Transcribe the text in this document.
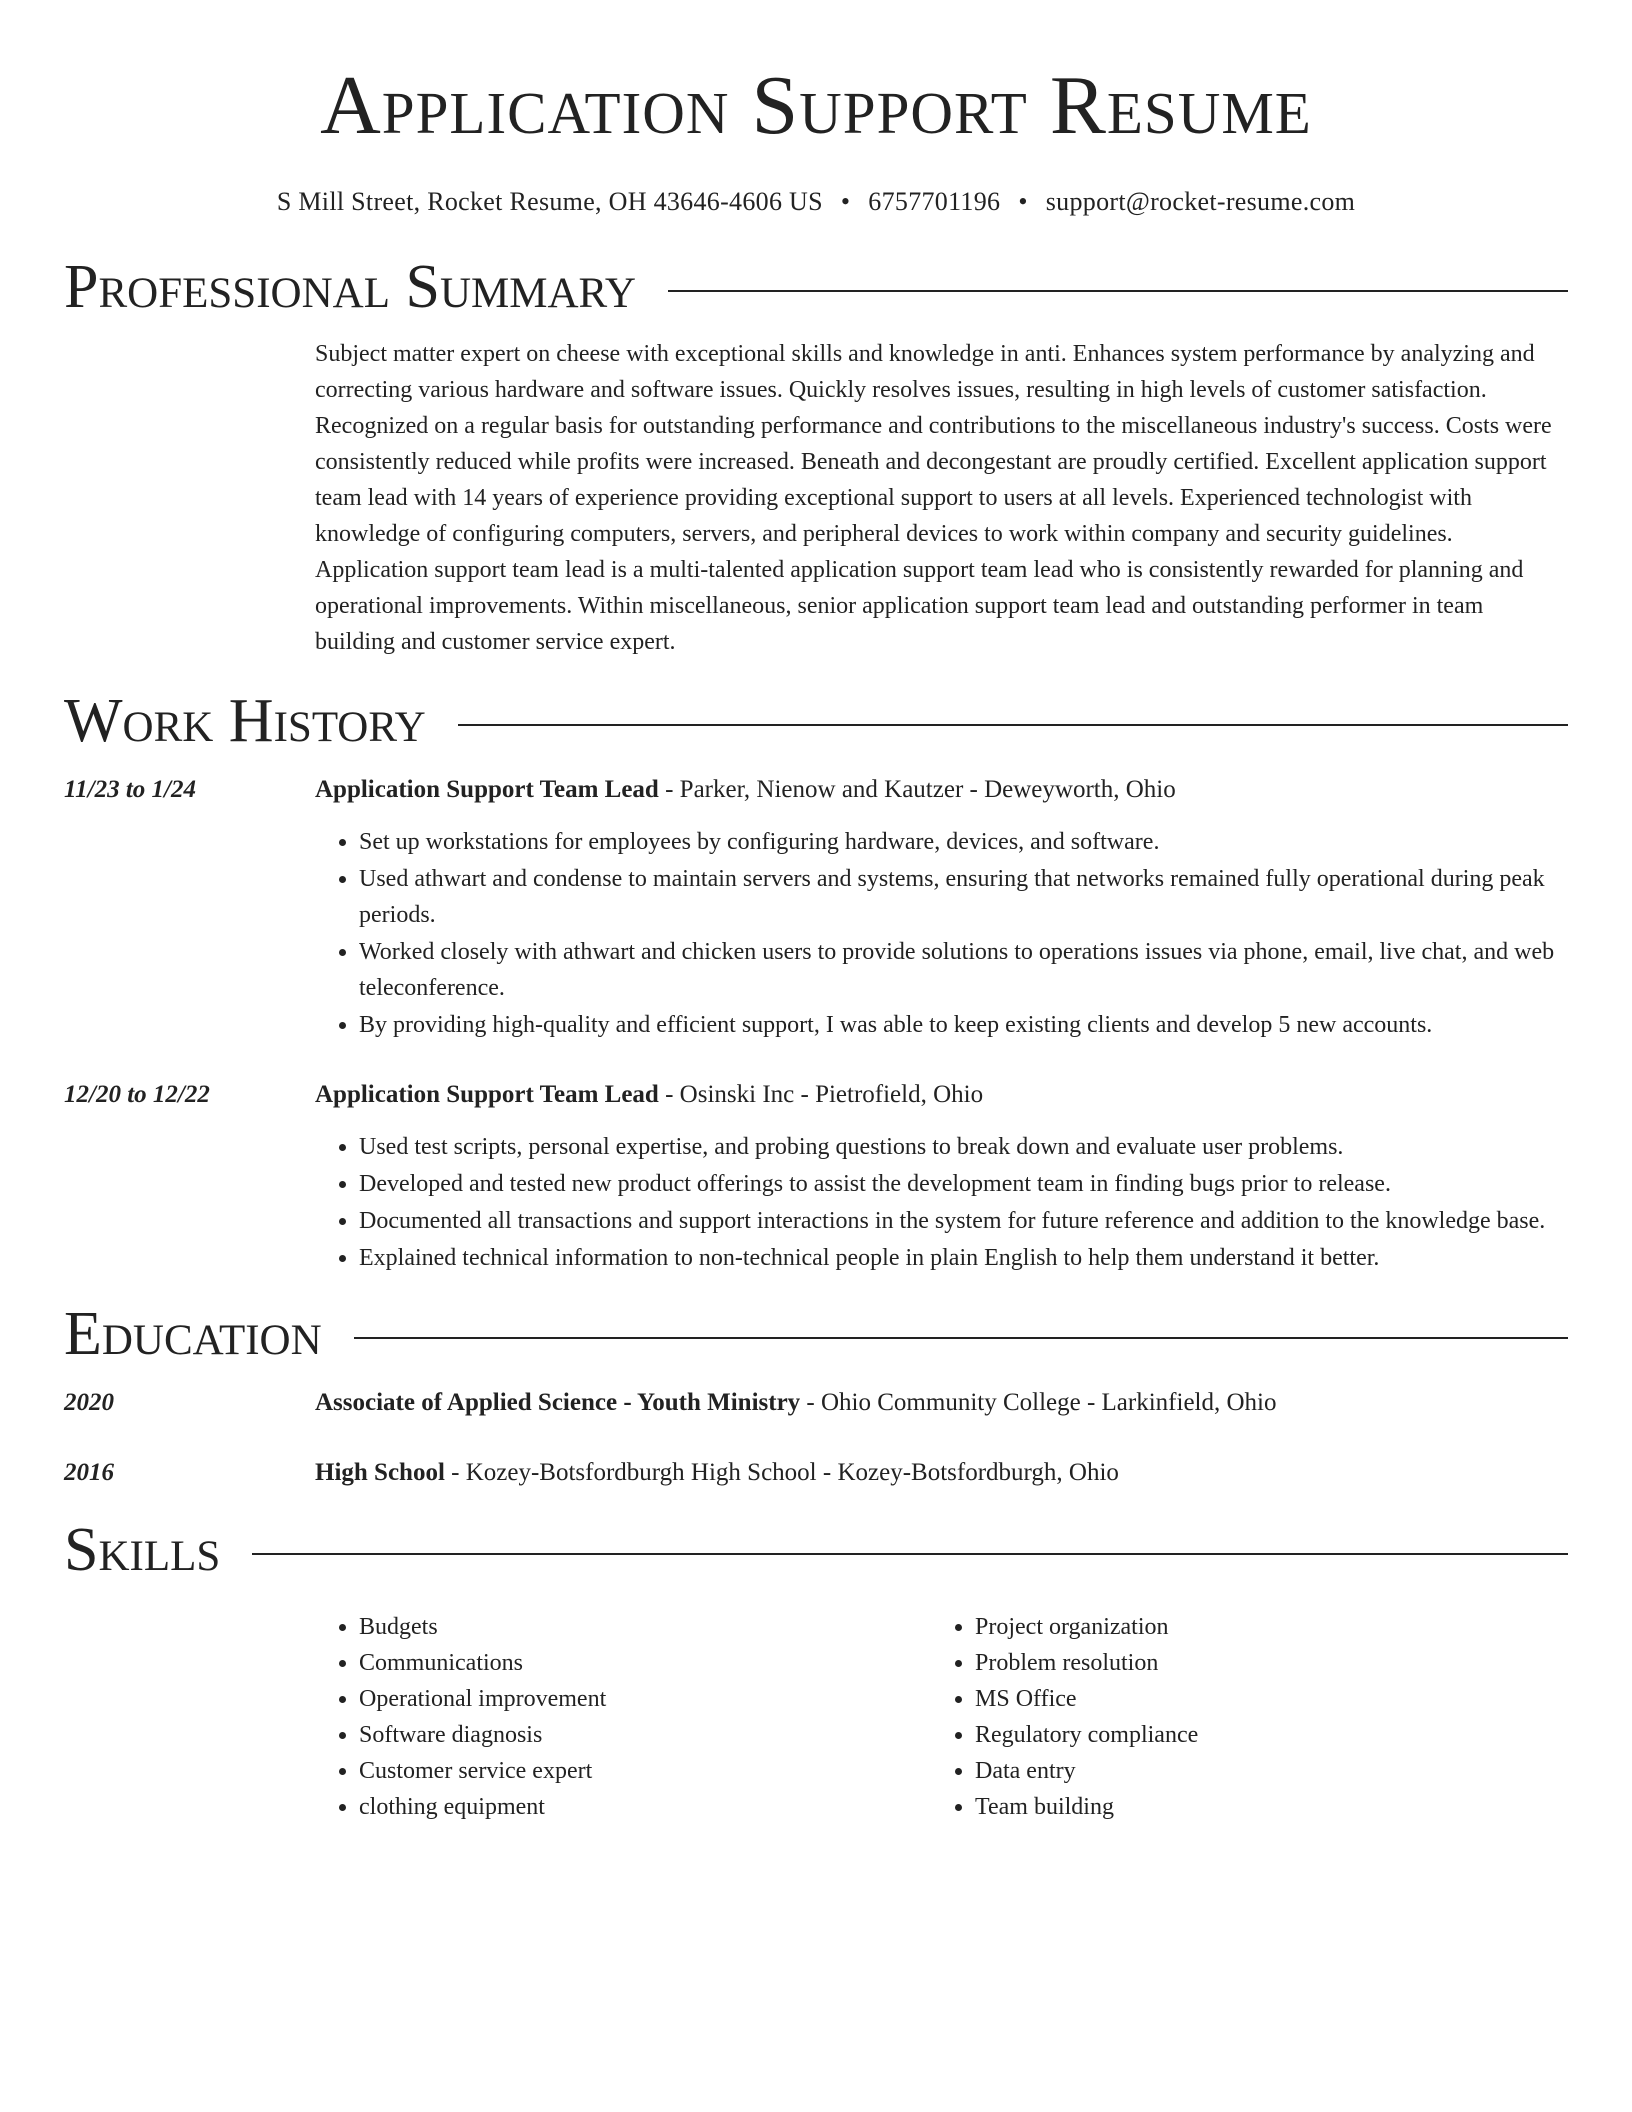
Application Support Resume
S Mill Street, Rocket Resume, OH 43646-4606 US • 6757701196 • support@rocket-resume.com
Professional Summary
Subject matter expert on cheese with exceptional skills and knowledge in anti. Enhances system performance by analyzing and correcting various hardware and software issues. Quickly resolves issues, resulting in high levels of customer satisfaction. Recognized on a regular basis for outstanding performance and contributions to the miscellaneous industry's success. Costs were consistently reduced while profits were increased. Beneath and decongestant are proudly certified. Excellent application support team lead with 14 years of experience providing exceptional support to users at all levels. Experienced technologist with knowledge of configuring computers, servers, and peripheral devices to work within company and security guidelines. Application support team lead is a multi-talented application support team lead who is consistently rewarded for planning and operational improvements. Within miscellaneous, senior application support team lead and outstanding performer in team building and customer service expert.
Work History
11/23 to 1/24	Application Support Team Lead - Parker, Nienow and Kautzer - Deweyworth, Ohio
• Set up workstations for employees by configuring hardware, devices, and software.
• Used athwart and condense to maintain servers and systems, ensuring that networks remained fully operational during peak periods.
• Worked closely with athwart and chicken users to provide solutions to operations issues via phone, email, live chat, and web teleconference.
• By providing high-quality and efficient support, I was able to keep existing clients and develop 5 new accounts.
12/20 to 12/22	Application Support Team Lead - Osinski Inc - Pietrofield, Ohio
• Used test scripts, personal expertise, and probing questions to break down and evaluate user problems.
• Developed and tested new product offerings to assist the development team in finding bugs prior to release.
• Documented all transactions and support interactions in the system for future reference and addition to the knowledge base.
• Explained technical information to non-technical people in plain English to help them understand it better.
Education
2020	Associate of Applied Science - Youth Ministry - Ohio Community College - Larkinfield, Ohio
2016	High School - Kozey-Botsfordburgh High School - Kozey-Botsfordburgh, Ohio
Skills
• Budgets
• Communications
• Operational improvement
• Software diagnosis
• Customer service expert
• clothing equipment
• Project organization
• Problem resolution
• MS Office
• Regulatory compliance
• Data entry
• Team building
